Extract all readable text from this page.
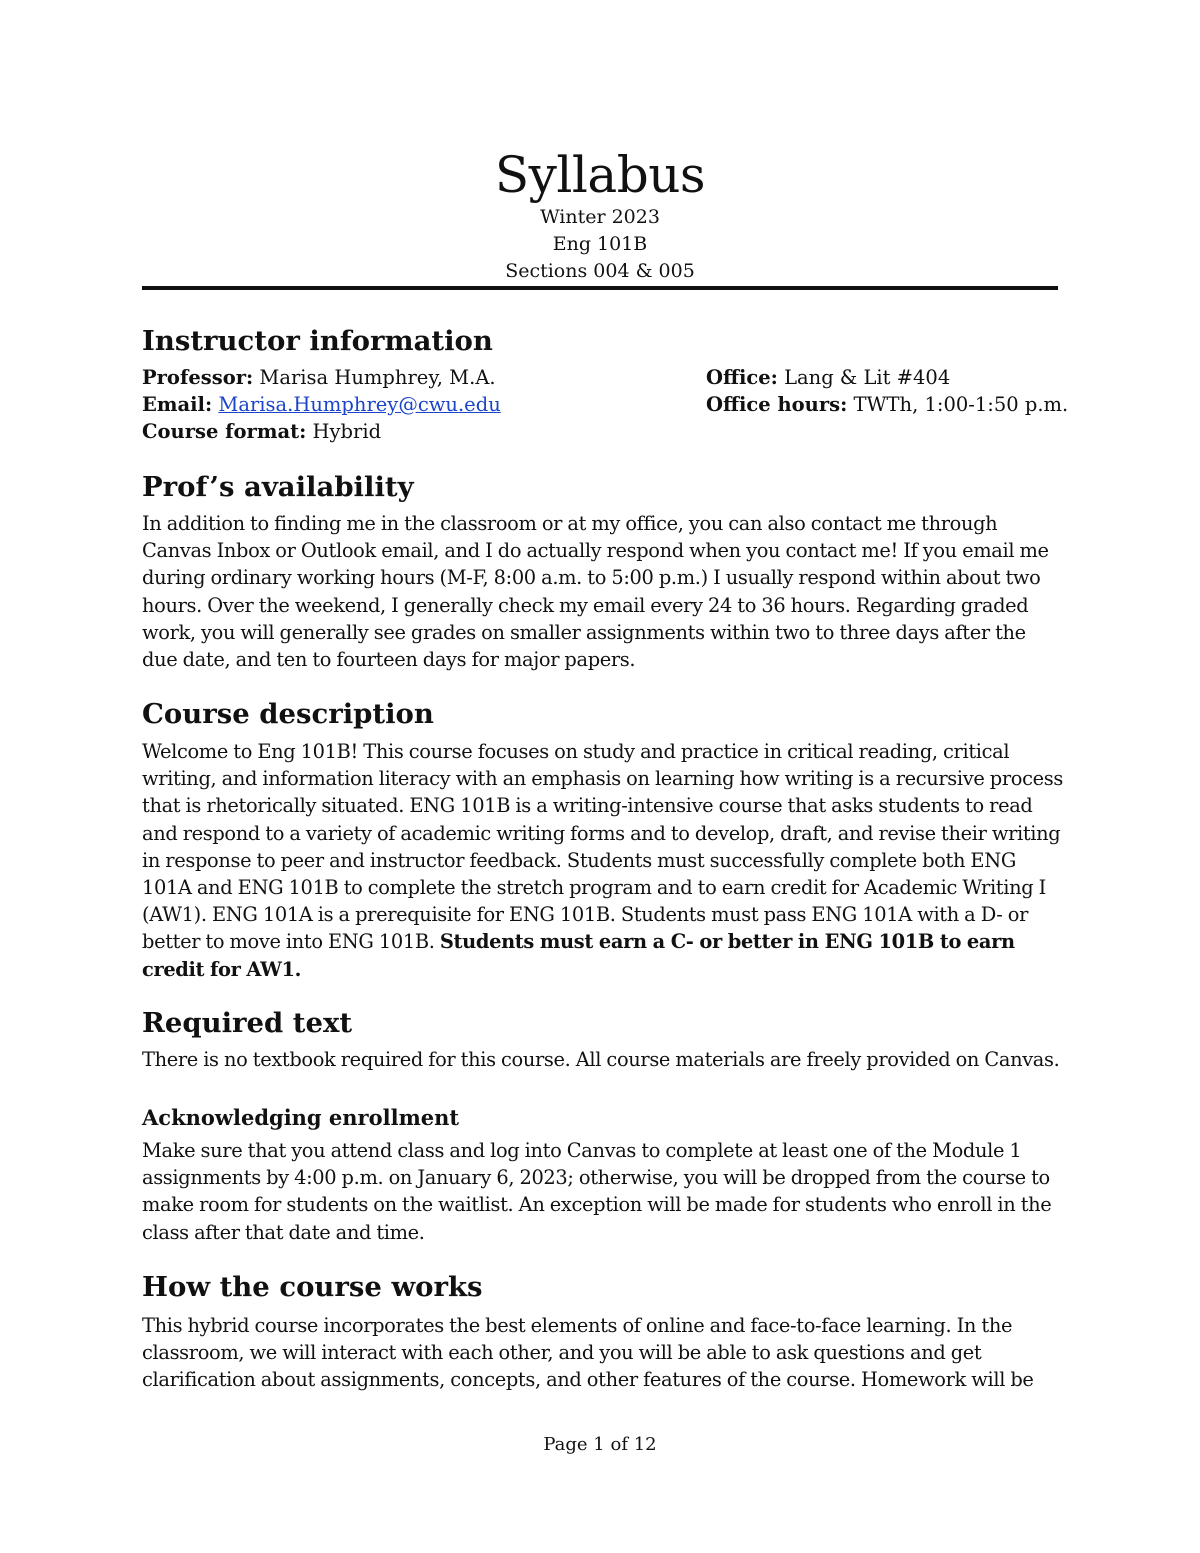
Syllabus
Winter 2023
Eng 101B
Sections 004 & 005
Instructor information
Professor: Marisa Humphrey, M.A.
Email: Marisa.Humphrey@cwu.edu
Course format: Hybrid
Office: Lang & Lit #404
Office hours: TWTh, 1:00-1:50 p.m.
Prof’s availability
In addition to finding me in the classroom or at my office, you can also contact me through Canvas Inbox or Outlook email, and I do actually respond when you contact me! If you email me during ordinary working hours (M-F, 8:00 a.m. to 5:00 p.m.) I usually respond within about two hours. Over the weekend, I generally check my email every 24 to 36 hours. Regarding graded work, you will generally see grades on smaller assignments within two to three days after the due date, and ten to fourteen days for major papers.
Course description
Welcome to Eng 101B! This course focuses on study and practice in critical reading, critical writing, and information literacy with an emphasis on learning how writing is a recursive process that is rhetorically situated. ENG 101B is a writing-intensive course that asks students to read and respond to a variety of academic writing forms and to develop, draft, and revise their writing in response to peer and instructor feedback. Students must successfully complete both ENG 101A and ENG 101B to complete the stretch program and to earn credit for Academic Writing I (AW1). ENG 101A is a prerequisite for ENG 101B. Students must pass ENG 101A with a D- or better to move into ENG 101B. Students must earn a C- or better in ENG 101B to earn credit for AW1.
Required text
There is no textbook required for this course. All course materials are freely provided on Canvas.
Acknowledging enrollment
Make sure that you attend class and log into Canvas to complete at least one of the Module 1 assignments by 4:00 p.m. on January 6, 2023; otherwise, you will be dropped from the course to make room for students on the waitlist. An exception will be made for students who enroll in the class after that date and time.
How the course works
This hybrid course incorporates the best elements of online and face-to-face learning. In the classroom, we will interact with each other, and you will be able to ask questions and get clarification about assignments, concepts, and other features of the course. Homework will be
Page 1 of 12
